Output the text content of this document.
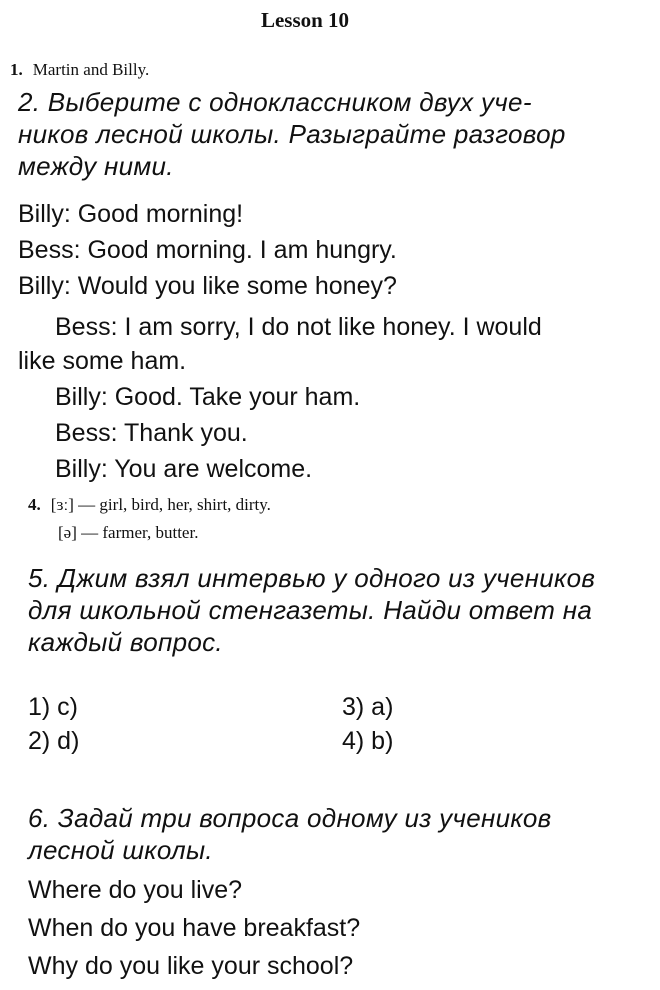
Lesson 10
1. Martin and Billy.
2. Выберите с одноклассником двух уче-
ников лесной школы. Разыграйте разговор
между ними.
Billy: Good morning!
Bess: Good morning. I am hungry.
Billy: Would you like some honey?
Bess: I am sorry, I do not like honey. I would
like some ham.
Billy: Good. Take your ham.
Bess: Thank you.
Billy: You are welcome.
4. [ɜː] — girl, bird, her, shirt, dirty.
[ə] — farmer, butter.
5. Джим взял интервью у одного из учеников
для школьной стенгазеты. Найди ответ на
каждый вопрос.
1) c)
2) d)
3) a)
4) b)
6. Задай три вопроса одному из учеников
лесной школы.
Where do you live?
When do you have breakfast?
Why do you like your school?
